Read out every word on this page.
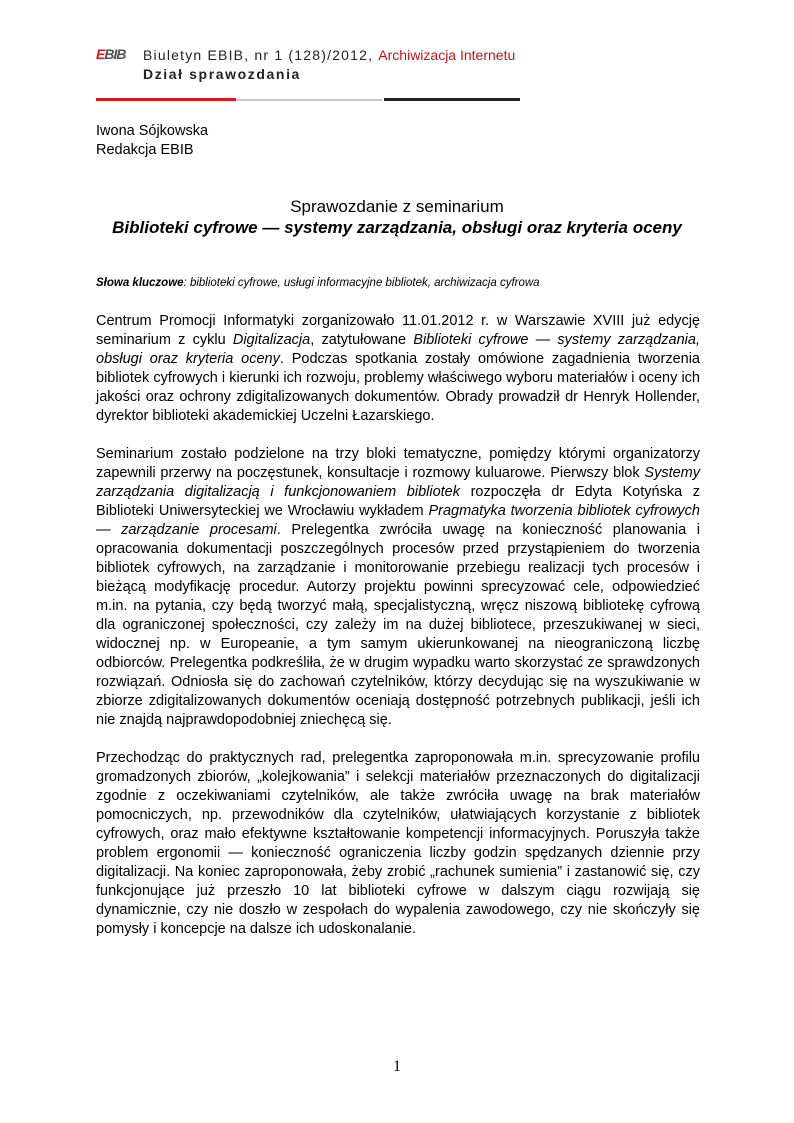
EBIB	Biuletyn EBIB, nr 1 (128)/2012, Archiwizacja Internetu
Dział sprawozdania
Iwona Sójkowska
Redakcja EBIB
Sprawozdanie z seminarium
Biblioteki cyfrowe — systemy zarządzania, obsługi oraz kryteria oceny
Słowa kluczowe: biblioteki cyfrowe, usługi informacyjne bibliotek, archiwizacja cyfrowa

Centrum Promocji Informatyki zorganizowało 11.01.2012 r. w Warszawie XVIII już edycję seminarium z cyklu Digitalizacja, zatytułowane Biblioteki cyfrowe — systemy zarządzania, obsługi oraz kryteria oceny. Podczas spotkania zostały omówione zagadnienia tworzenia bibliotek cyfrowych i kierunki ich rozwoju, problemy właściwego wyboru materiałów i oceny ich jakości oraz ochrony zdigitalizowanych dokumentów. Obrady prowadził dr Henryk Hollender, dyrektor biblioteki akademickiej Uczelni Łazarskiego.

Seminarium zostało podzielone na trzy bloki tematyczne, pomiędzy którymi organizatorzy zapewnili przerwy na poczęstunek, konsultacje i rozmowy kuluarowe. Pierwszy blok Systemy zarządzania digitalizacją i funkcjonowaniem bibliotek rozpoczęła dr Edyta Kotyńska z Biblioteki Uniwersyteckiej we Wrocławiu wykładem Pragmatyka tworzenia bibliotek cyfrowych — zarządzanie procesami. Prelegentka zwróciła uwagę na konieczność planowania i opracowania dokumentacji poszczególnych procesów przed przystąpieniem do tworzenia bibliotek cyfrowych, na zarządzanie i monitorowanie przebiegu realizacji tych procesów i bieżącą modyfikację procedur. Autorzy projektu powinni sprecyzować cele, odpowiedzieć m.in. na pytania, czy będą tworzyć małą, specjalistyczną, wręcz niszową bibliotekę cyfrową dla ograniczonej społeczności, czy zależy im na dużej bibliotece, przeszukiwanej w sieci, widocznej np. w Europeanie, a tym samym ukierunkowanej na nieograniczoną liczbę odbiorców. Prelegentka podkreśliła, że w drugim wypadku warto skorzystać ze sprawdzonych rozwiązań. Odniosła się do zachowań czytelników, którzy decydując się na wyszukiwanie w zbiorze zdigitalizowanych dokumentów oceniają dostępność potrzebnych publikacji, jeśli ich nie znajdą najprawdopodobniej zniechęcą się.

Przechodząc do praktycznych rad, prelegentka zaproponowała m.in. sprecyzowanie profilu gromadzonych zbiorów, „kolejkowania” i selekcji materiałów przeznaczonych do digitalizacji zgodnie z oczekiwaniami czytelników, ale także zwróciła uwagę na brak materiałów pomocniczych, np. przewodników dla czytelników, ułatwiających korzystanie z bibliotek cyfrowych, oraz mało efektywne kształtowanie kompetencji informacyjnych. Poruszyła także problem ergonomii — konieczność ograniczenia liczby godzin spędzanych dziennie przy digitalizacji. Na koniec zaproponowała, żeby zrobić „rachunek sumienia” i zastanowić się, czy funkcjonujące już przeszło 10 lat biblioteki cyfrowe w dalszym ciągu rozwijają się dynamicznie, czy nie doszło w zespołach do wypalenia zawodowego, czy nie skończyły się pomysły i koncepcje na dalsze ich udoskonalanie.

1
